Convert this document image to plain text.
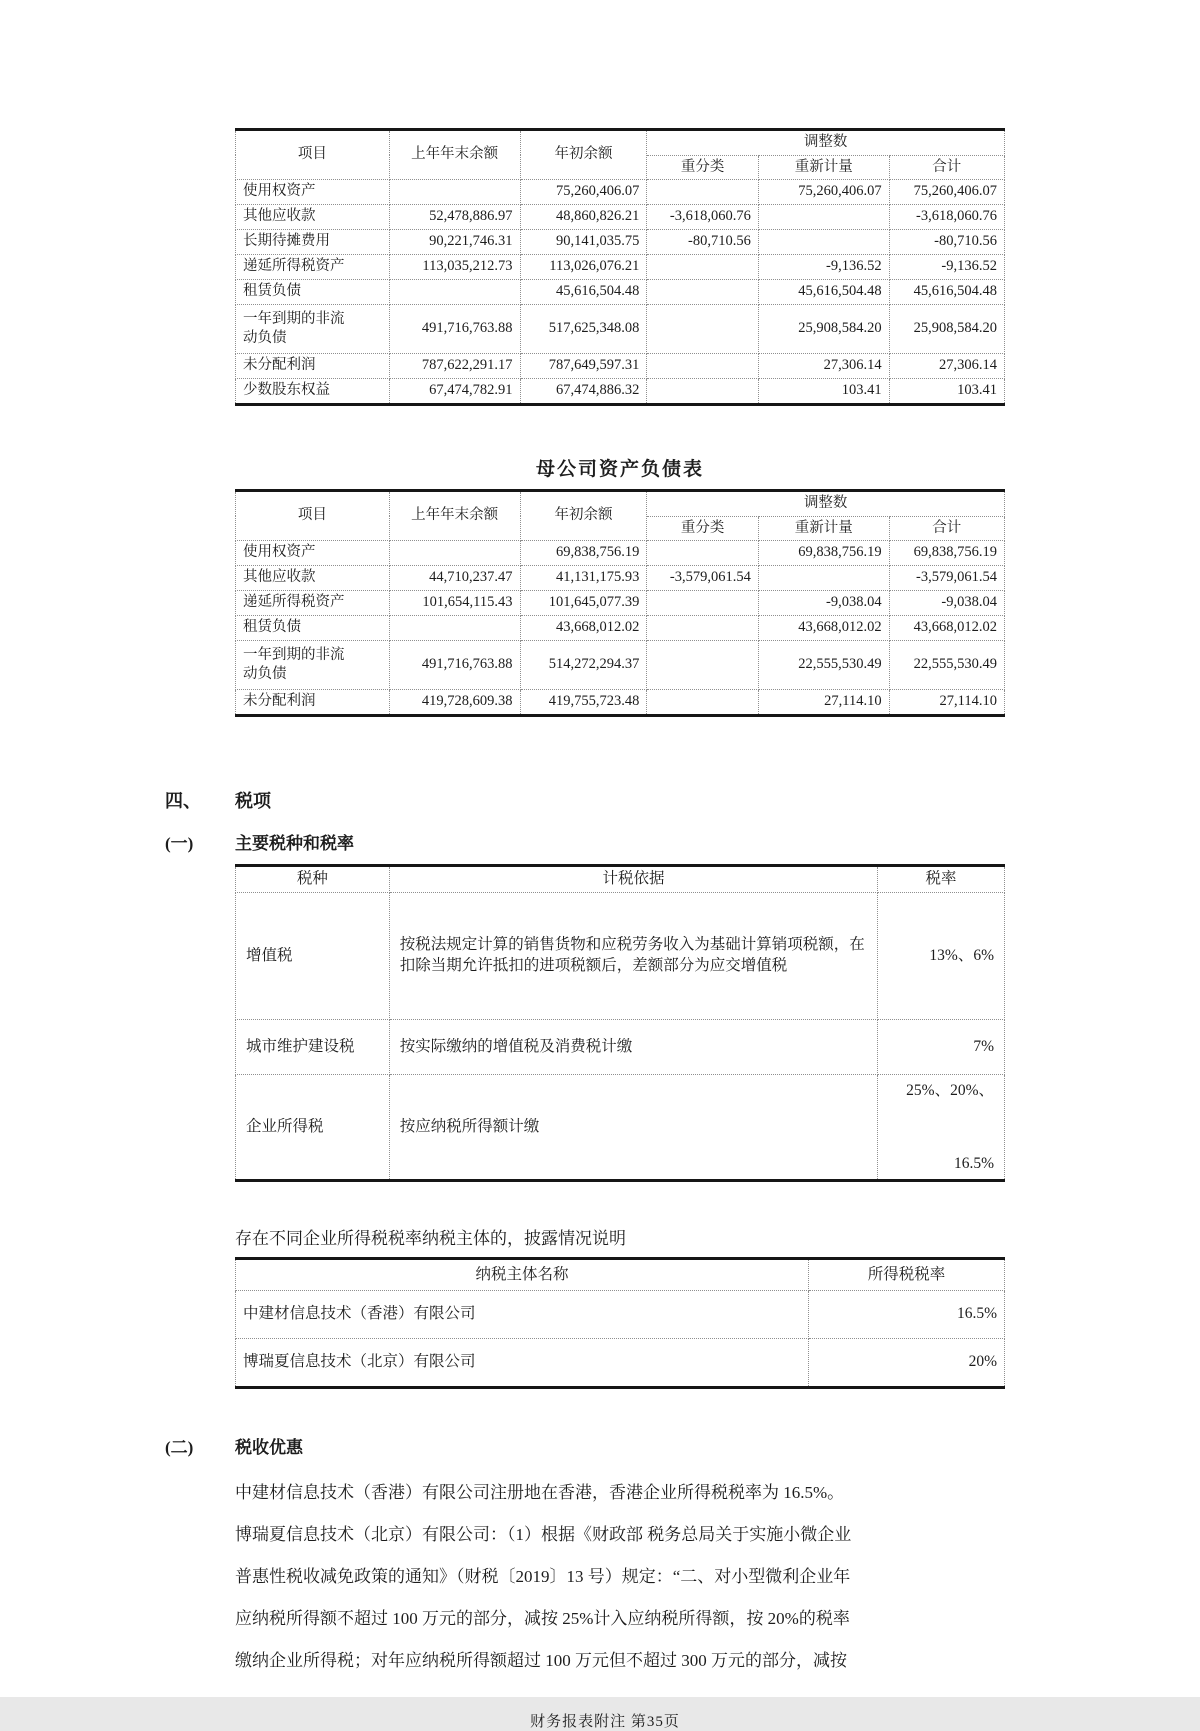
项目	上年年末余额	年初余额	调整数		
			重分类	重新计量	合计
使用权资产		75,260,406.07		75,260,406.07	75,260,406.07
其他应收款	52,478,886.97	48,860,826.21	-3,618,060.76		-3,618,060.76
长期待摊费用	90,221,746.31	90,141,035.75	-80,710.56		-80,710.56
递延所得税资产	113,035,212.73	113,026,076.21		-9,136.52	-9,136.52
租赁负债		45,616,504.48		45,616,504.48	45,616,504.48
一年到期的非流动负债	491,716,763.88	517,625,348.08		25,908,584.20	25,908,584.20
未分配利润	787,622,291.17	787,649,597.31		27,306.14	27,306.14
少数股东权益	67,474,782.91	67,474,886.32		103.41	103.41
母公司资产负债表
项目	上年年末余额	年初余额	调整数		
			重分类	重新计量	合计
使用权资产		69,838,756.19		69,838,756.19	69,838,756.19
其他应收款	44,710,237.47	41,131,175.93	-3,579,061.54		-3,579,061.54
递延所得税资产	101,654,115.43	101,645,077.39		-9,038.04	-9,038.04
租赁负债		43,668,012.02		43,668,012.02	43,668,012.02
一年到期的非流动负债	491,716,763.88	514,272,294.37		22,555,530.49	22,555,530.49
未分配利润	419,728,609.38	419,755,723.48		27,114.10	27,114.10
四、 税项
(一) 主要税种和税率
税种	计税依据	税率
增值税	按税法规定计算的销售货物和应税劳务收入为基础计算销项税额，在扣除当期允许抵扣的进项税额后，差额部分为应交增值税	13%、6%
城市维护建设税	按实际缴纳的增值税及消费税计缴	7%
企业所得税	按应纳税所得额计缴	25%、20%、
16.5%
存在不同企业所得税税率纳税主体的，披露情况说明
纳税主体名称	所得税税率
中建材信息技术（香港）有限公司	16.5%
博瑞夏信息技术（北京）有限公司	20%
(二) 税收优惠
中建材信息技术（香港）有限公司注册地在香港，香港企业所得税税率为 16.5%。
博瑞夏信息技术（北京）有限公司：（1）根据《财政部 税务总局关于实施小微企业
普惠性税收减免政策的通知》（财税〔2019〕13 号）规定：“二、对小型微利企业年
应纳税所得额不超过 100 万元的部分，减按 25%计入应纳税所得额，按 20%的税率
缴纳企业所得税；对年应纳税所得额超过 100 万元但不超过 300 万元的部分，减按
财务报表附注 第35页
